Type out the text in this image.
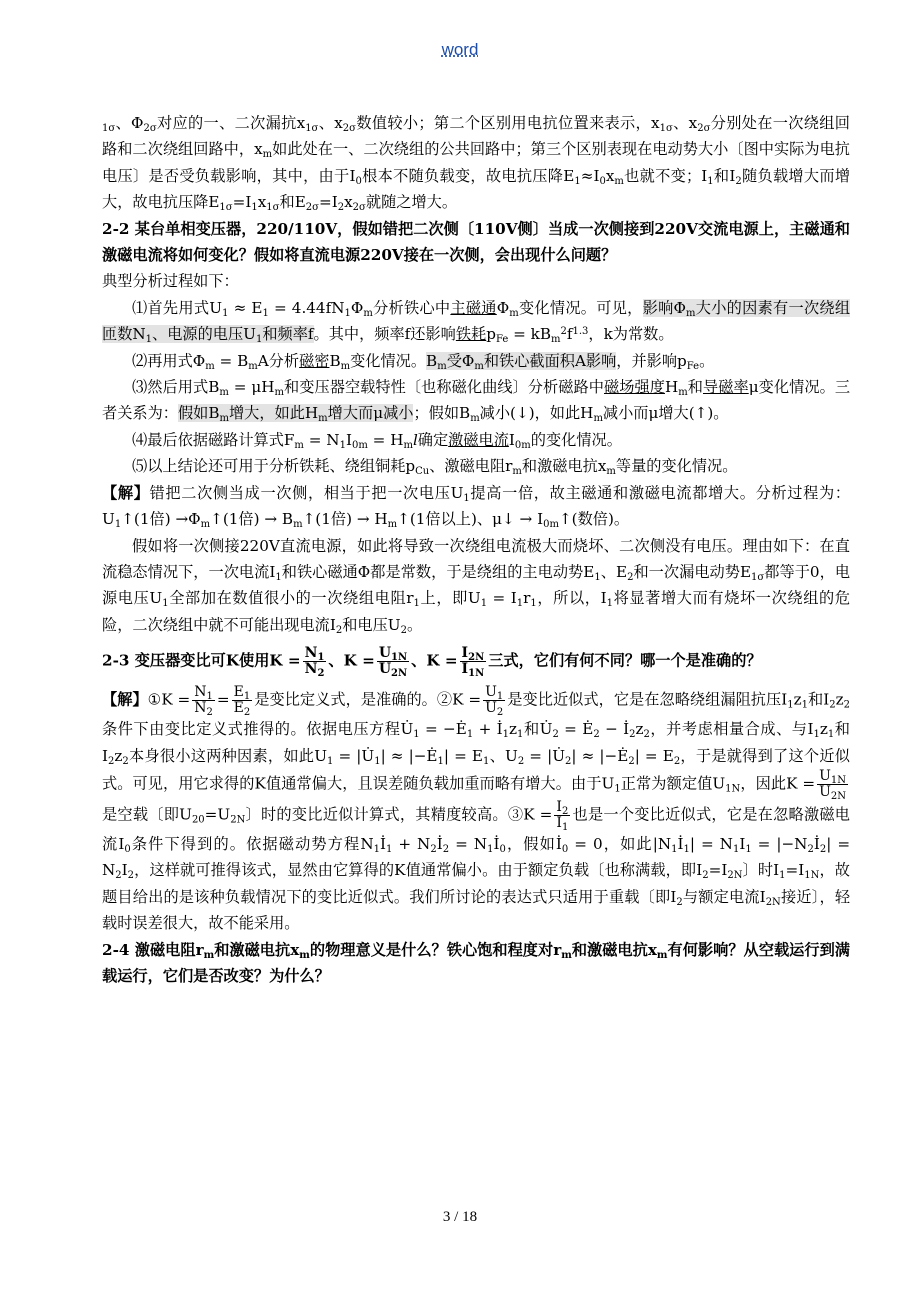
word

$_{1\sigma}$、$\Phi_{2\sigma}$对应的一、二次漏抗$x_{1\sigma}$、$x_{2\sigma}$数值较小；第二个区别用电抗位置来表示，$x_{1\sigma}$、$x_{2\sigma}$分别处在一次绕组回路和二次绕组回路中，$x_m$如此处在一、二次绕组的公共回路中；第三个区别表现在电动势大小〔图中实际为电抗电压〕是否受负载影响，其中，由于$I_0$根本不随负载变，故电抗压降$E_1\approx I_0x_m$也就不变；$I_1$和$I_2$随负载增大而增大，故电抗压降$E_{1\sigma}=I_1x_{1\sigma}$和$E_{2\sigma}=I_2x_{2\sigma}$就随之增大。

2-2 某台单相变压器，220/110V，假如错把二次侧〔110V侧〕当成一次侧接到220V交流电源上，主磁通和激磁电流将如何变化？假如将直流电源220V接在一次侧，会出现什么问题？

典型分析过程如下：

⑴首先用式$U_1 \approx E_1 = 4.44fN_1\Phi_m$分析铁心中主磁通$\Phi_m$变化情况。可见，影响$\Phi_m$大小的因素有一次绕组匝数$N_1$、电源的电压$U_1$和频率f。其中，频率f还影响铁耗$p_{Fe} = kB_m^2f^{1.3}$，k为常数。

⑵再用式$\Phi_m = B_mA$分析磁密$B_m$变化情况。$B_m$受$\Phi_m$和铁心截面积A影响，并影响$p_{Fe}$。

⑶然后用式$B_m = \mu H_m$和变压器空载特性〔也称磁化曲线〕分析磁路中磁场强度$H_m$和导磁率μ变化情况。三者关系为：假如$B_m$增大，如此$H_m$增大而μ减小；假如$B_m$减小(↓)，如此$H_m$减小而μ增大(↑)。

⑷最后依据磁路计算式$F_m = N_1I_{0m} = H_ml$确定激磁电流$I_{0m}$的变化情况。

⑸以上结论还可用于分析铁耗、绕组铜耗$p_{Cu}$、激磁电阻$r_m$和激磁电抗$x_m$等量的变化情况。

【解】错把二次侧当成一次侧，相当于把一次电压$U_1$提高一倍，故主磁通和激磁电流都增大。分析过程为：$U_1↑(1$倍) $\to\Phi_m↑(1$倍) → $B_m↑(1$倍) → $H_m↑(1$倍以上)、μ↓ → $I_{0m}↑$(数倍)。

假如将一次侧接220V直流电源，如此将导致一次绕组电流极大而烧坏、二次侧没有电压。理由如下：在直流稳态情况下，一次电流$I_1$和铁心磁通Φ都是常数，于是绕组的主电动势$E_1$、$E_2$和一次漏电动势$E_{1\sigma}$都等于0，电源电压$U_1$全部加在数值很小的一次绕组电阻$r_1$上，即$U_1 = I_1r_1$，所以，$I_1$将显著增大而有烧坏一次绕组的危险，二次绕组中就不可能出现电流$I_2$和电压$U_2$。

2-3 变压器变比可K使用$K = \frac{N_1}{N_2}$ 、$K = \frac{U_{1N}}{U_{2N}}$ 、$K = \frac{I_{2N}}{I_{1N}}$ 三式，它们有何不同？哪一个是准确的？

【解】①K = $\frac{N_1}{N_2} = \frac{E_1}{E_2}$ 是变比定义式，是准确的。②K = $\frac{U_1}{U_2}$ 是变比近似式，它是在忽略绕组漏阻抗压$I_1z_1$和$I_2z_2$条件下由变比定义式推得的。依据电压方程$U̇_1$ = $-Ė_1$ + $İ_1z_1$和$U̇_2$ = $Ė_2$ − $İ_2z_2$，并考虑相量合成、与$I_1z_1$和$I_2z_2$本身很小这两种因素，如此$U_1$ = $|U̇_1|$ ≈ $|-Ė_1| = E_1$、$U_2$ = $|U̇_2|$ ≈ $|-Ė_2| = E_2$，于是就得到了这个近似式。可见，用它求得的K值通常偏大，且误差随负载加重而略有增大。由于$U_1$正常为额定值$U_{1N}$，因此$K = \frac{U_{1N}}{U_{2N}}$
是空载〔即$U_{20}=U_{2N}$〕时的变比近似计算式，其精度较高。③K = $\frac{I_2}{I_1}$ 也是一个变比近似式，它是在忽略激磁电流$I_0$条件下得到的。依据磁动势方程$N_1İ_1$ + $N_2İ_2$ = $N_1İ_0$，假如$İ_0 = 0$，如此$|N_1İ_1| = N_1I_1$ = $|-N_2İ_2| = N_2I_2$，这样就可推得该式，显然由它算得的K值通常偏小。由于额定负载〔也称满载，即$I_2=I_{2N}$〕时$I_1=I_{1N}$，故题目给出的是该种负载情况下的变比近似式。我们所讨论的表达式只适用于重载〔即$I_2$与额定电流$I_{2N}$接近〕，轻载时误差很大，故不能采用。

2-4 激磁电阻$r_m$和激磁电抗$x_m$的物理意义是什么？铁心饱和程度对$r_m$和激磁电抗$x_m$有何影响？从空载运行到满载运行，它们是否改变？为什么？

3 / 18
